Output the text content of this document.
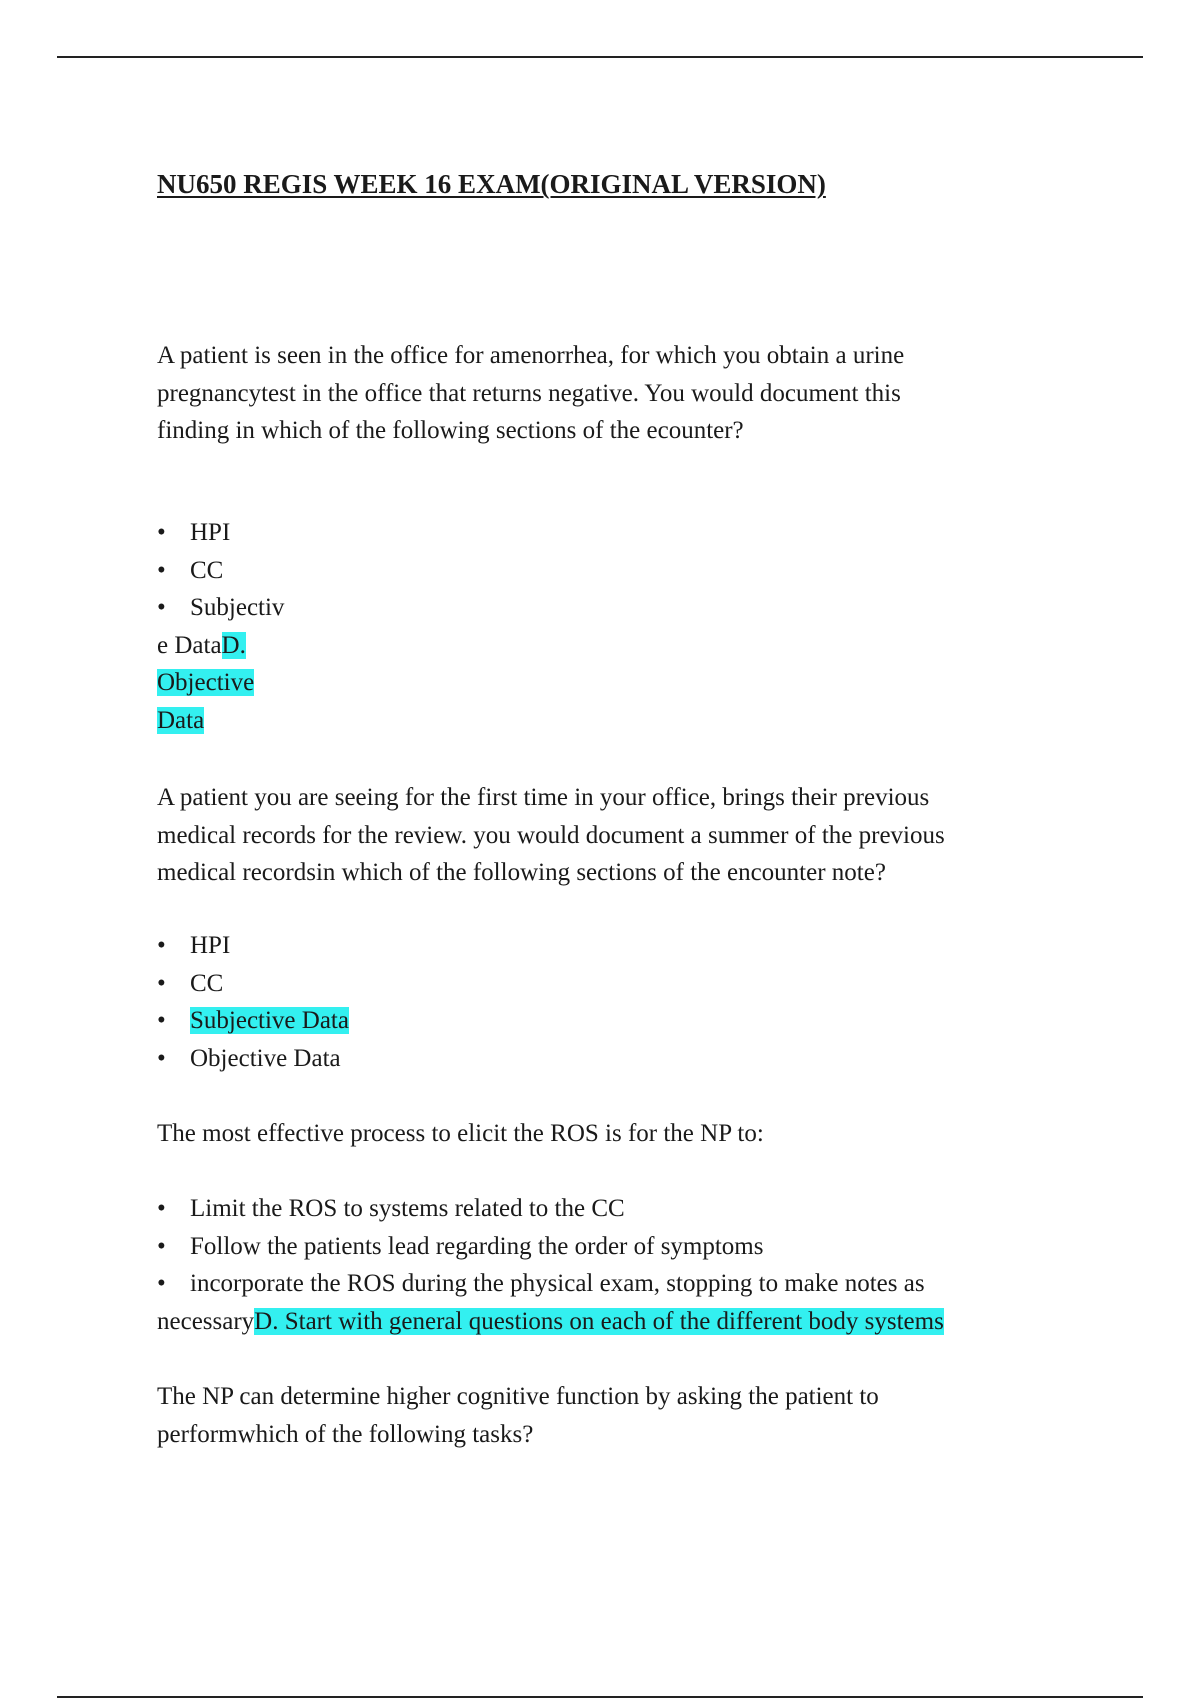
NU650 REGIS WEEK 16 EXAM(ORIGINAL VERSION)

A patient is seen in the office for amenorrhea, for which you obtain a urine
pregnancytest in the office that returns negative. You would document this
finding in which of the following sections of the ecounter?

• HPI
• CC
• Subjectiv
e DataD.
Objective
Data

A patient you are seeing for the first time in your office, brings their previous
medical records for the review. you would document a summer of the previous
medical recordsin which of the following sections of the encounter note?

• HPI
• CC
• Subjective Data
• Objective Data

The most effective process to elicit the ROS is for the NP to:

• Limit the ROS to systems related to the CC
• Follow the patients lead regarding the order of symptoms
• incorporate the ROS during the physical exam, stopping to make notes as
necessaryD. Start with general questions on each of the different body systems

The NP can determine higher cognitive function by asking the patient to
performwhich of the following tasks?
